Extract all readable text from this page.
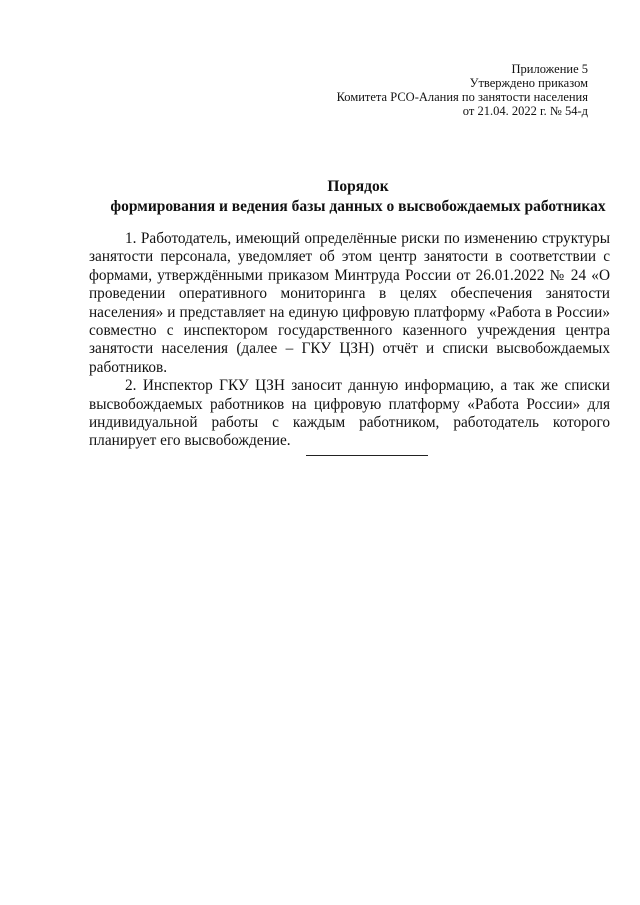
Приложение 5
Утверждено приказом
Комитета РСО-Алания по занятости населения
от 21.04. 2022 г. № 54-д
Порядок
формирования и ведения базы данных о высвобождаемых работниках

1. Работодатель, имеющий определённые риски по изменению структуры занятости персонала, уведомляет об этом центр занятости в соответствии с формами, утверждёнными приказом Минтруда России от 26.01.2022 № 24 «О проведении оперативного мониторинга в целях обеспечения занятости населения» и представляет на единую цифровую платформу «Работа в России» совместно с инспектором государственного казенного учреждения центра занятости населения (далее – ГКУ ЦЗН) отчёт и списки высвобождаемых работников.

2. Инспектор ГКУ ЦЗН заносит данную информацию, а так же списки высвобождаемых работников на цифровую платформу «Работа России» для индивидуальной работы с каждым работником, работодатель которого планирует его высвобождение.
